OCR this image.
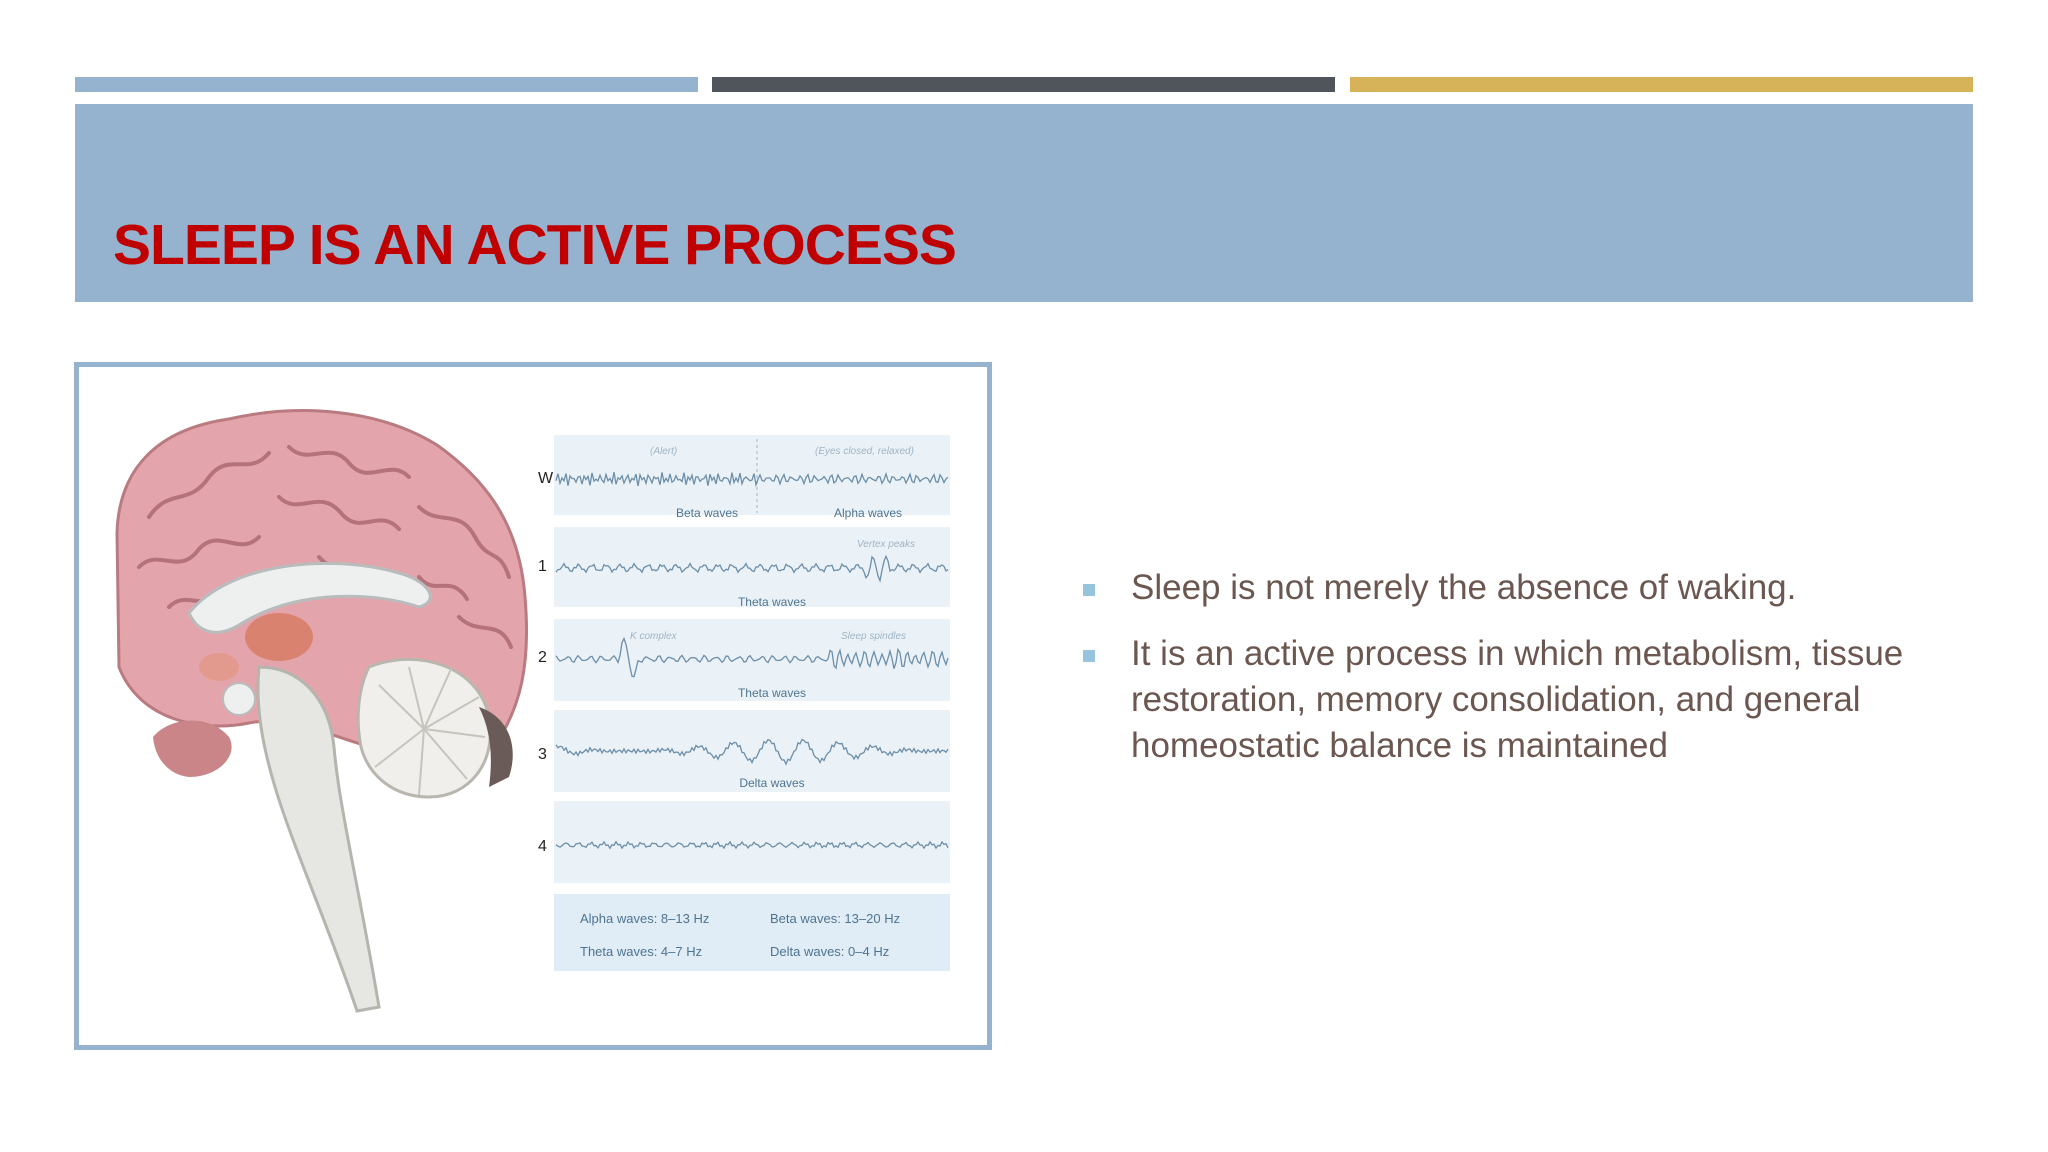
SLEEP IS AN ACTIVE PROCESS
W
1
2
3
4
(Alert)	(Eyes closed, relaxed)
Vertex peaks
K complex	Sleep spindles
Beta waves	Alpha waves
Theta waves
Theta waves
Delta waves
Alpha waves: 8–13 Hz	Beta waves: 13–20 Hz
Theta waves: 4–7 Hz	Delta waves: 0–4 Hz
Sleep is not merely the absence of waking.
It is an active process in which metabolism, tissue restoration, memory consolidation, and general homeostatic balance is maintained
